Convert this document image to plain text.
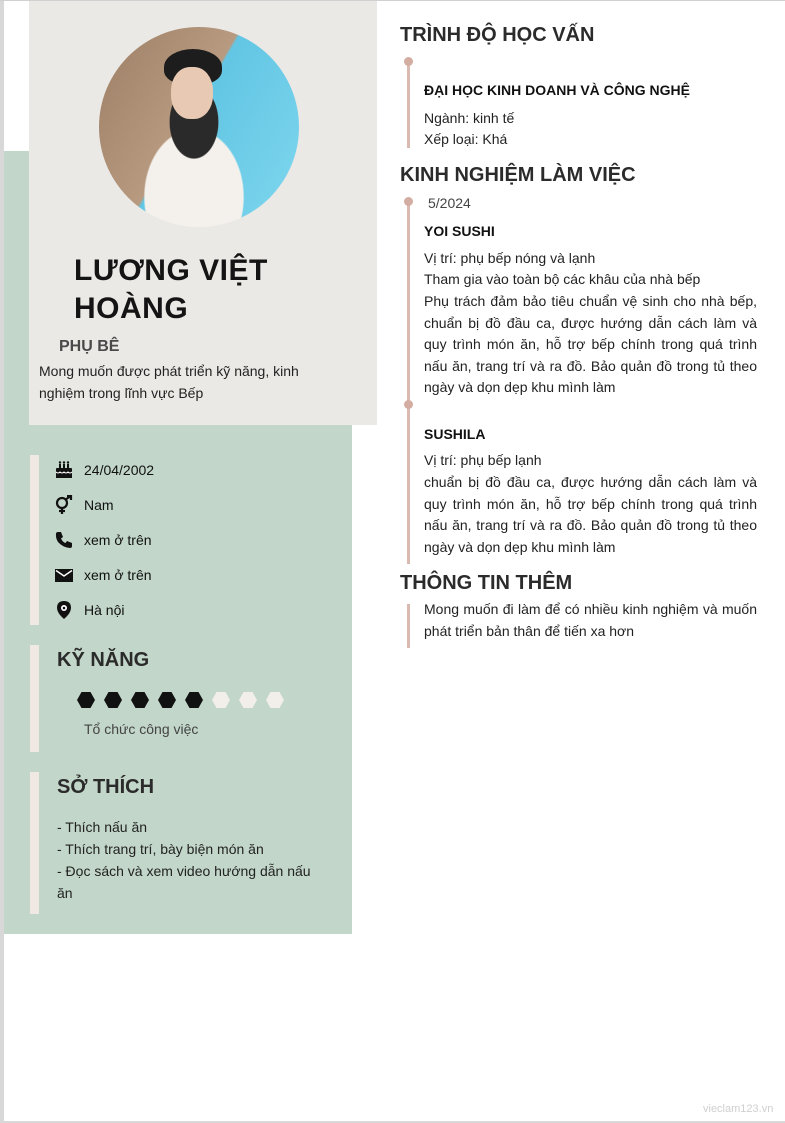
LƯƠNG VIỆT HOÀNG
PHỤ BÊ
Mong muốn được phát triển kỹ năng, kinh nghiệm trong lĩnh vực Bếp
24/04/2002
Nam
xem ở trên
xem ở trên
Hà nội
KỸ NĂNG
Tổ chức công việc
SỞ THÍCH
- Thích nấu ăn
- Thích trang trí, bày biện món ăn
- Đọc sách và xem video hướng dẫn nấu ăn
TRÌNH ĐỘ HỌC VẤN
ĐẠI HỌC KINH DOANH VÀ CÔNG NGHỆ
Ngành: kinh tế
Xếp loại: Khá
KINH NGHIỆM LÀM VIỆC
5/2024
YOI SUSHI
Vị trí: phụ bếp nóng và lạnh
Tham gia vào toàn bộ các khâu của nhà bếp
Phụ trách đảm bảo tiêu chuẩn vệ sinh cho nhà bếp, chuẩn bị đồ đầu ca, được hướng dẫn cách làm và quy trình món ăn, hỗ trợ bếp chính trong quá trình nấu ăn, trang trí và ra đồ. Bảo quản đồ trong tủ theo ngày và dọn dẹp khu mình làm
SUSHILA
Vị trí: phụ bếp lạnh
chuẩn bị đồ đầu ca, được hướng dẫn cách làm và quy trình món ăn, hỗ trợ bếp chính trong quá trình nấu ăn, trang trí và ra đồ. Bảo quản đồ trong tủ theo ngày và dọn dẹp khu mình làm
THÔNG TIN THÊM
Mong muốn đi làm để có nhiều kinh nghiệm và muốn phát triển bản thân để tiến xa hơn
vieclam123.vn
